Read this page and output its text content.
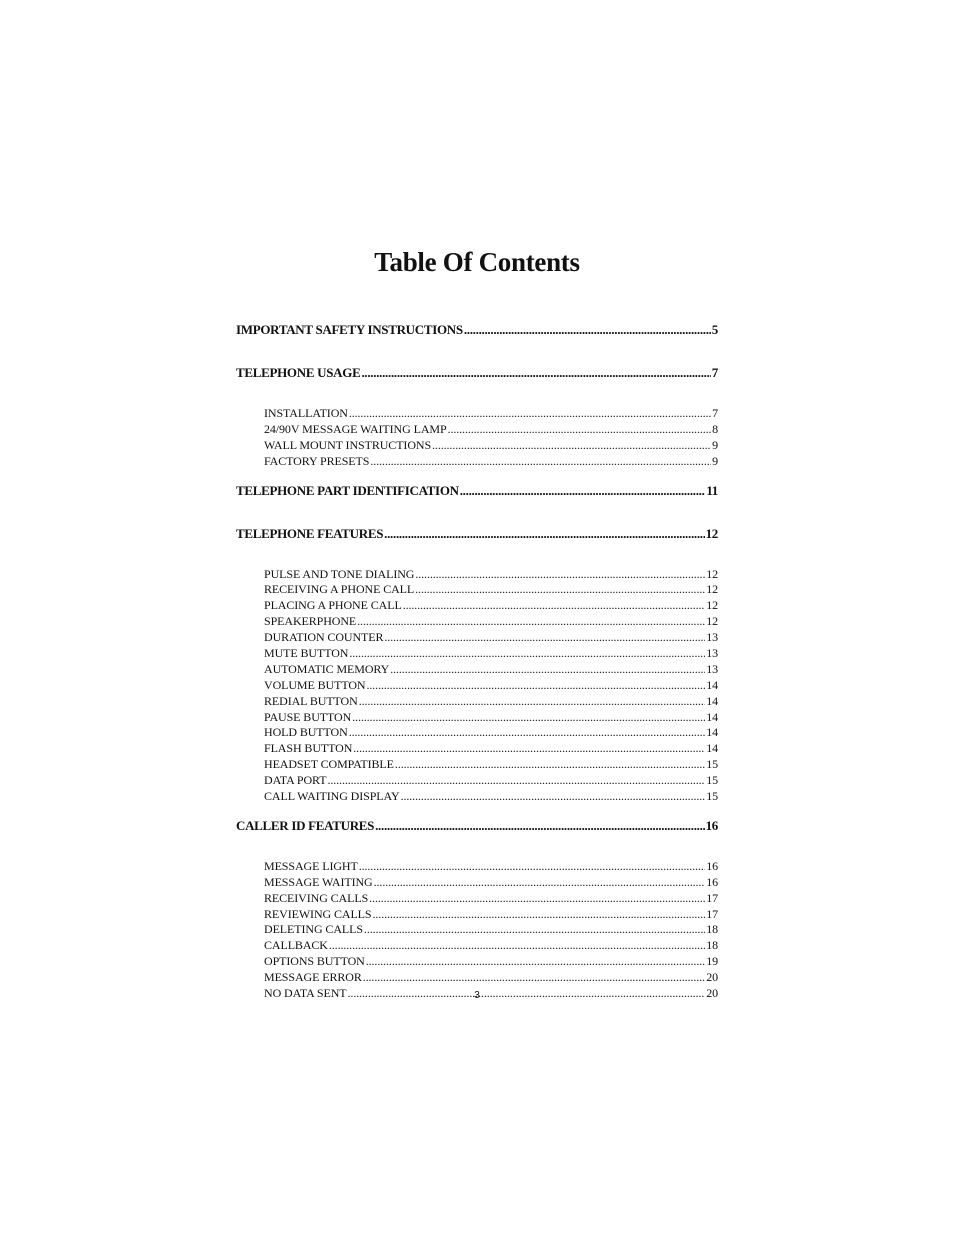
Table Of Contents
IMPORTANT SAFETY INSTRUCTIONS .....	5
TELEPHONE USAGE .....	7
INSTALLATION .....	7
24/90V MESSAGE WAITING LAMP .....	8
WALL MOUNT INSTRUCTIONS .....	9
FACTORY PRESETS .....	9
TELEPHONE PART IDENTIFICATION .....	11
TELEPHONE FEATURES .....	12
PULSE AND TONE DIALING .....	12
RECEIVING A PHONE CALL .....	12
PLACING A PHONE CALL .....	12
SPEAKERPHONE .....	12
DURATION COUNTER .....	13
MUTE BUTTON .....	13
AUTOMATIC MEMORY .....	13
VOLUME BUTTON .....	14
REDIAL BUTTON .....	14
PAUSE BUTTON .....	14
HOLD BUTTON .....	14
FLASH BUTTON .....	14
HEADSET COMPATIBLE .....	15
DATA PORT .....	15
CALL WAITING DISPLAY .....	15
CALLER ID FEATURES .....	16
MESSAGE LIGHT .....	16
MESSAGE WAITING .....	16
RECEIVING CALLS .....	17
REVIEWING CALLS .....	17
DELETING CALLS .....	18
CALLBACK .....	18
OPTIONS BUTTON .....	19
MESSAGE ERROR .....	20
NO DATA SENT .....	20
3
